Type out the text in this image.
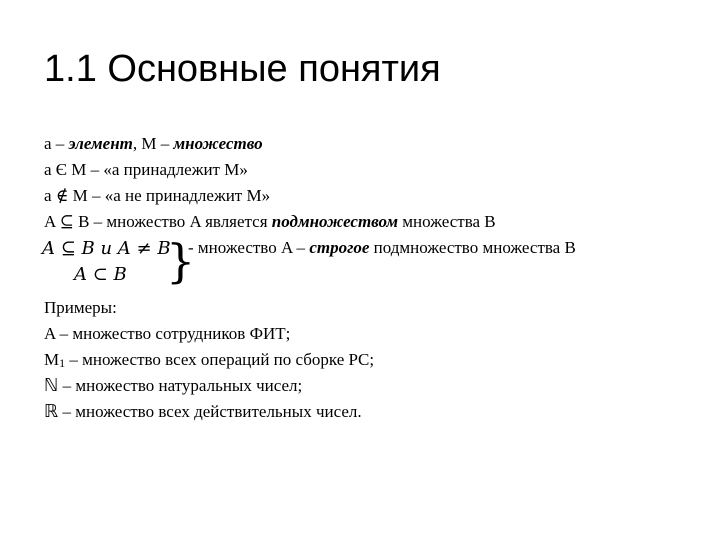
1.1 Основные понятия
a – элемент, M – множество
a Є M – «a принадлежит M»
a ∉ M – «a не принадлежит M»
A ⊆ B – множество A является подмножеством множества B
A ⊆ B и A ≠ B
A ⊂ B }
- множество A – строгое подмножество множества B
Примеры:
A – множество сотрудников ФИТ;
M1 – множество всех операций по сборке PC;
ℕ – множество натуральных чисел;
ℝ – множество всех действительных чисел.
